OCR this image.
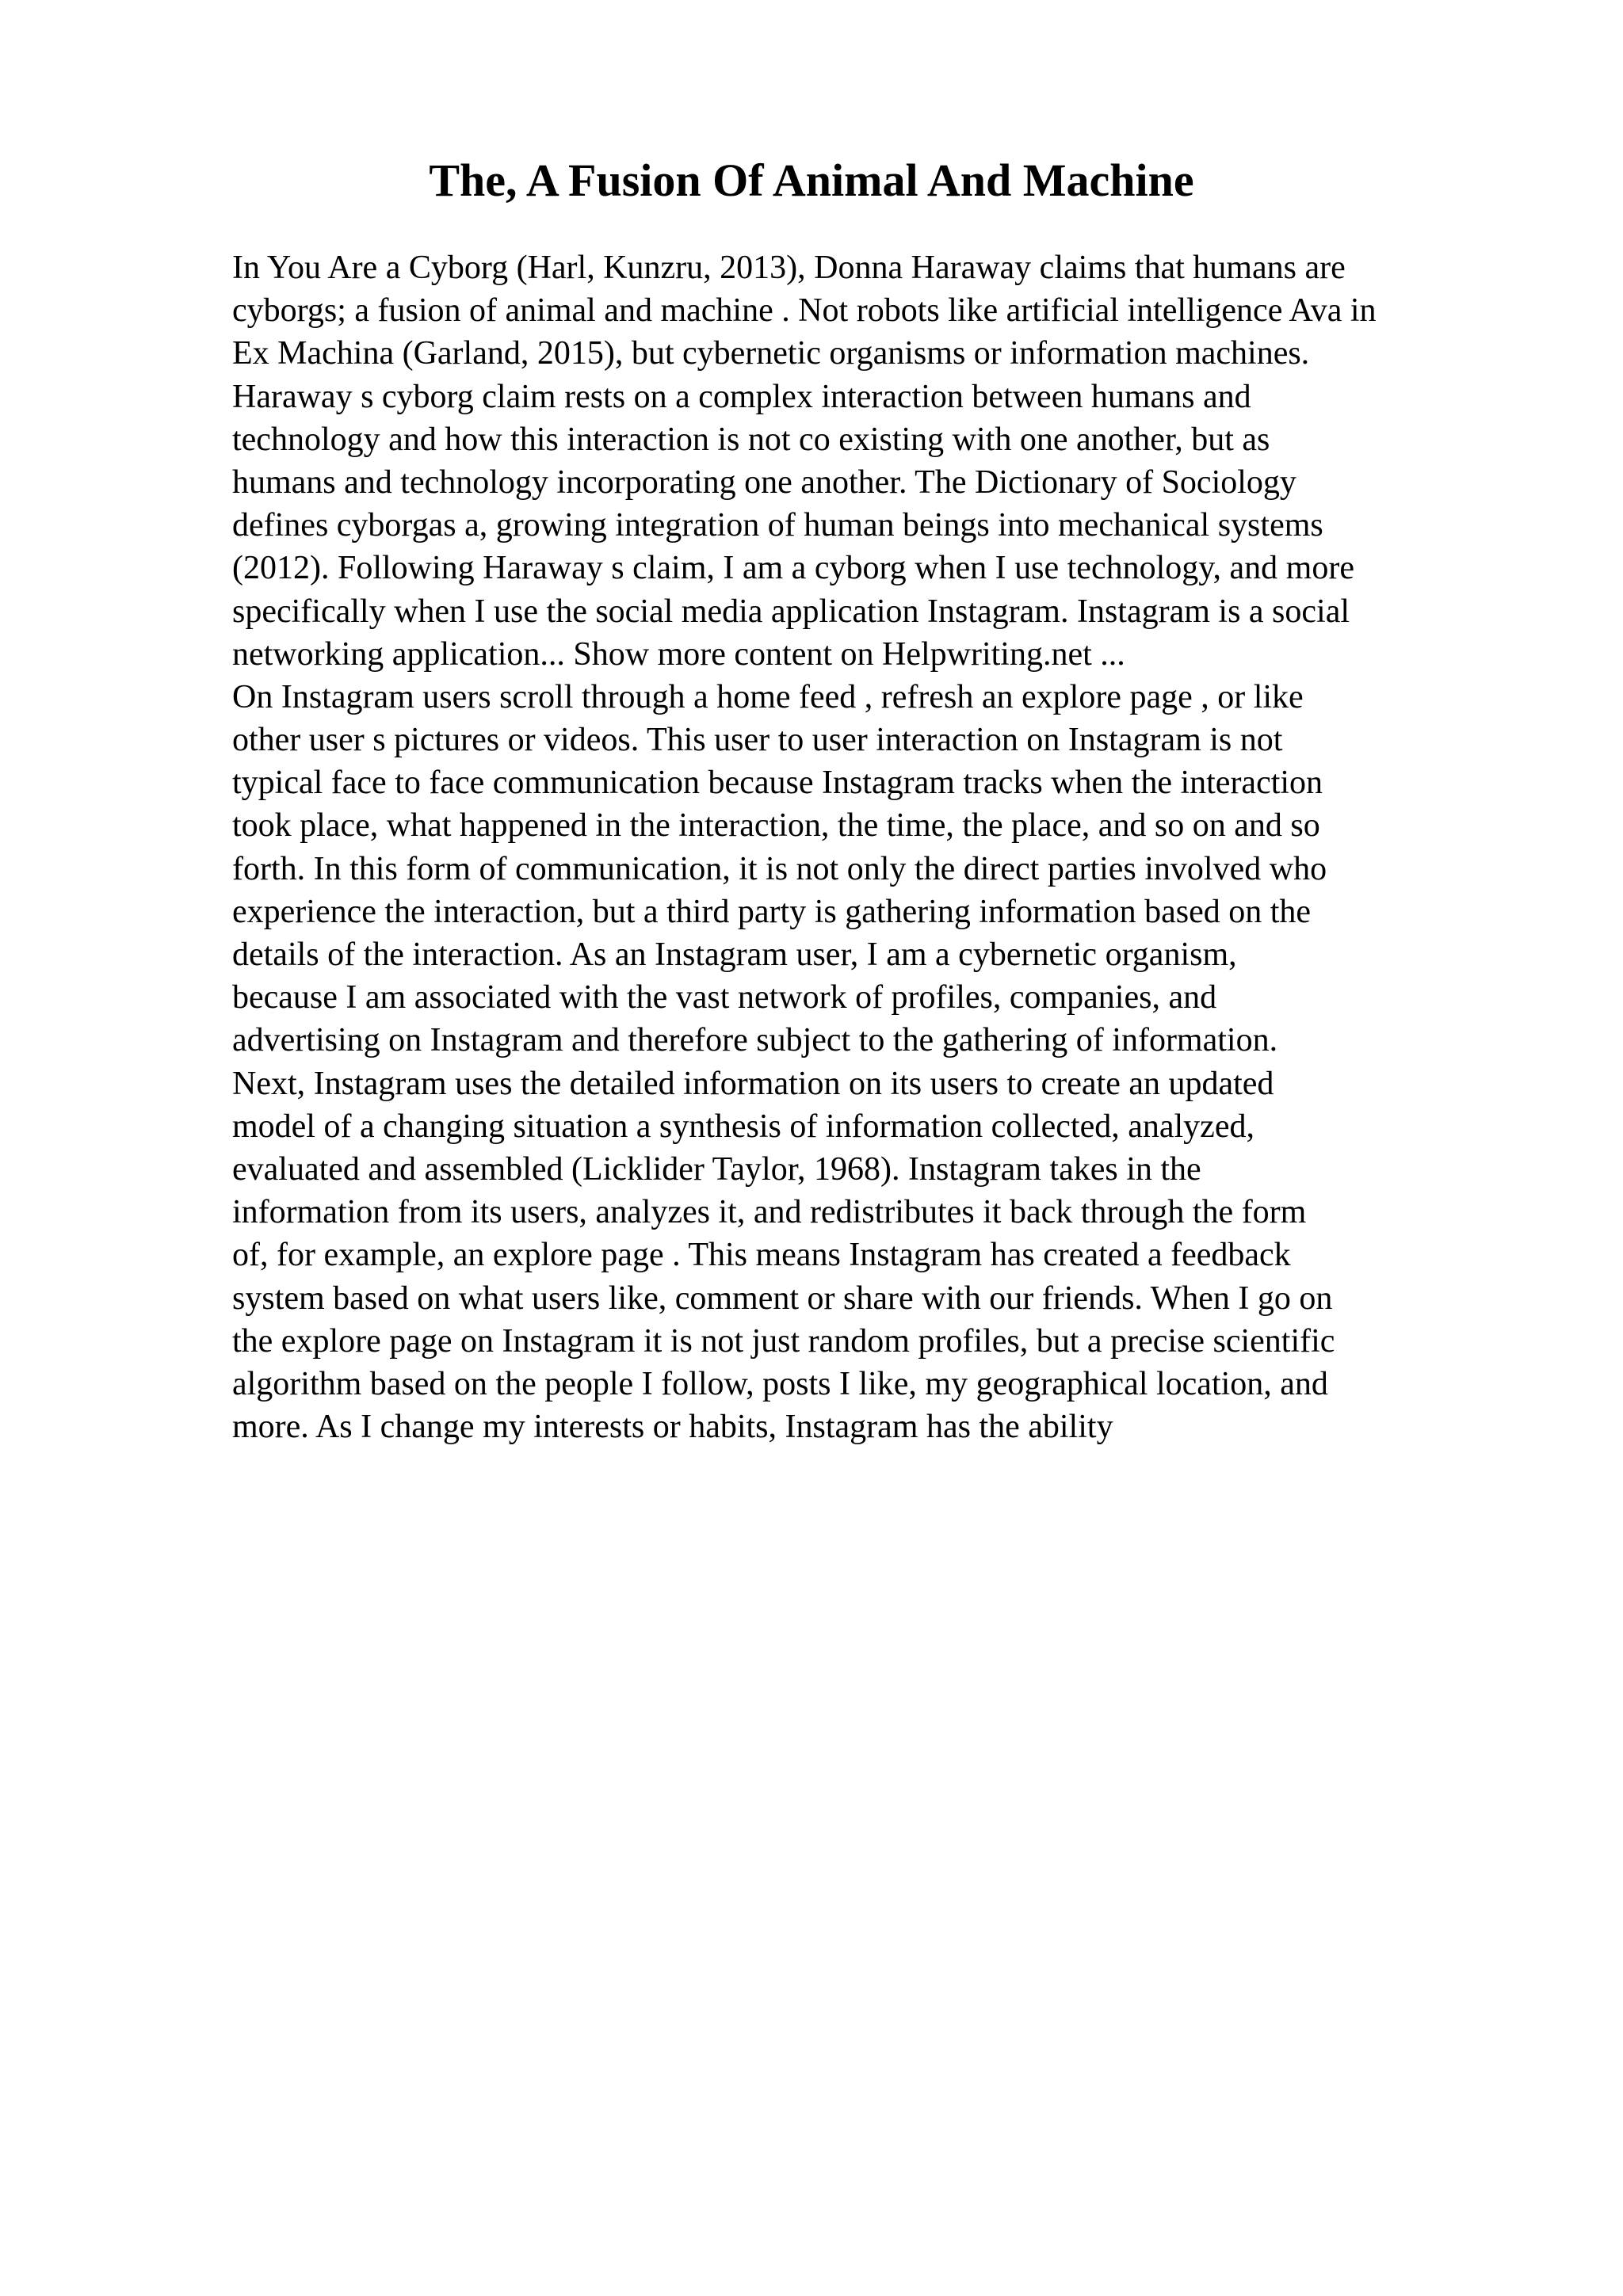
The, A Fusion Of Animal And Machine
In You Are a Cyborg (Harl, Kunzru, 2013), Donna Haraway claims that humans are
cyborgs; a fusion of animal and machine . Not robots like artificial intelligence Ava in
Ex Machina (Garland, 2015), but cybernetic organisms or information machines.
Haraway s cyborg claim rests on a complex interaction between humans and
technology and how this interaction is not co existing with one another, but as
humans and technology incorporating one another. The Dictionary of Sociology
defines cyborgas a, growing integration of human beings into mechanical systems
(2012). Following Haraway s claim, I am a cyborg when I use technology, and more
specifically when I use the social media application Instagram. Instagram is a social
networking application... Show more content on Helpwriting.net ...
On Instagram users scroll through a home feed , refresh an explore page , or like
other user s pictures or videos. This user to user interaction on Instagram is not
typical face to face communication because Instagram tracks when the interaction
took place, what happened in the interaction, the time, the place, and so on and so
forth. In this form of communication, it is not only the direct parties involved who
experience the interaction, but a third party is gathering information based on the
details of the interaction. As an Instagram user, I am a cybernetic organism,
because I am associated with the vast network of profiles, companies, and
advertising on Instagram and therefore subject to the gathering of information.
Next, Instagram uses the detailed information on its users to create an updated
model of a changing situation a synthesis of information collected, analyzed,
evaluated and assembled (Licklider Taylor, 1968). Instagram takes in the
information from its users, analyzes it, and redistributes it back through the form
of, for example, an explore page . This means Instagram has created a feedback
system based on what users like, comment or share with our friends. When I go on
the explore page on Instagram it is not just random profiles, but a precise scientific
algorithm based on the people I follow, posts I like, my geographical location, and
more. As I change my interests or habits, Instagram has the ability
